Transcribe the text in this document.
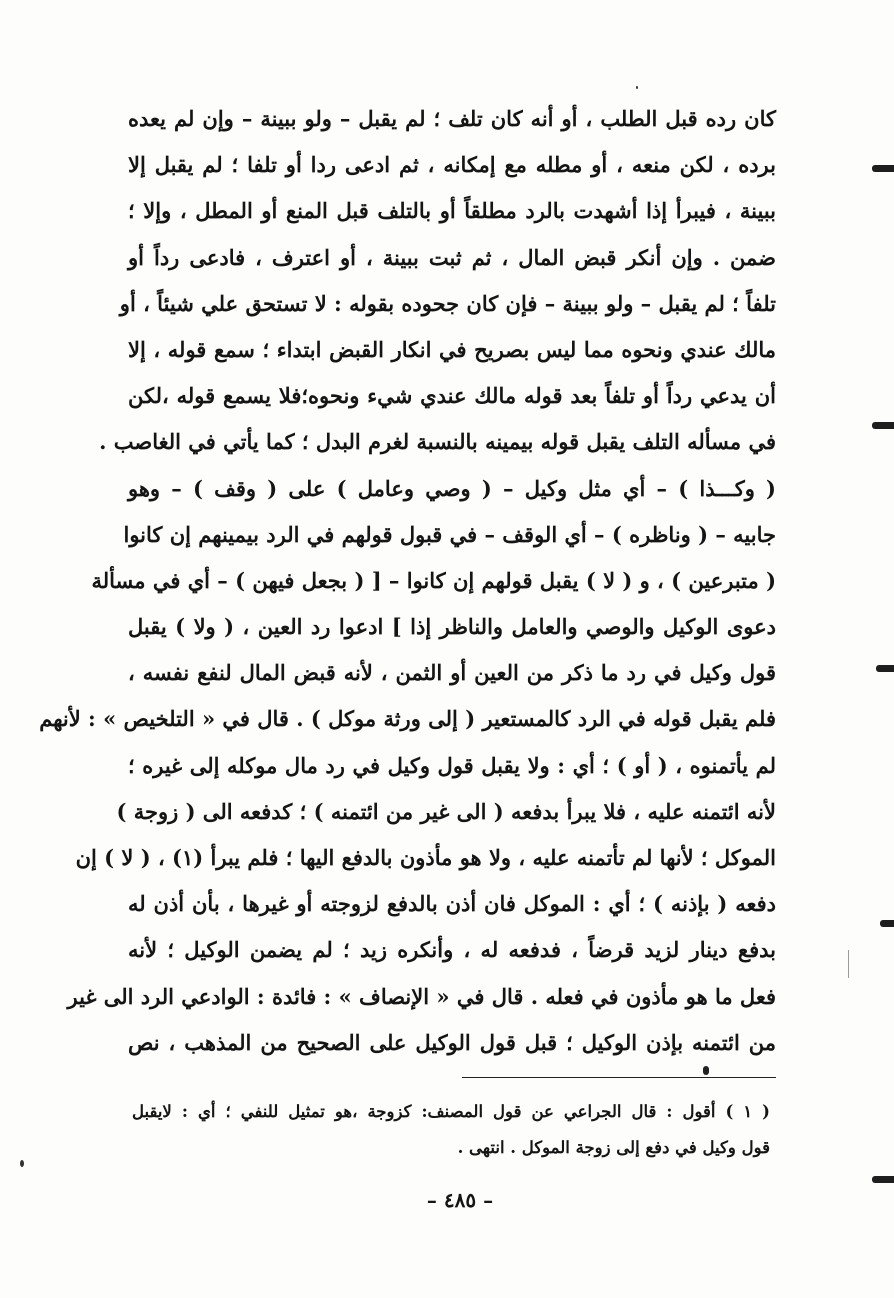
كان رده قبل الطلب ، أو أنه كان تلف ؛ لم يقبل – ولو ببينة – وإن لم يعده
برده ، لكن منعه ، أو مطله مع إمكانه ، ثم ادعى ردا أو تلفا ؛ لم يقبل إلا
ببينة ، فيبرأ إذا أشهدت بالرد مطلقاً أو بالتلف قبل المنع أو المطل ، وإلا ؛
ضمن . وإن أنكر قبض المال ، ثم ثبت ببينة ، أو اعترف ، فادعى رداً أو
تلفاً ؛ لم يقبل – ولو ببينة – فإن كان جحوده بقوله : لا تستحق علي شيئاً ، أو
مالك عندي ونحوه مما ليس بصريح في انكار القبض ابتداء ؛ سمع قوله ، إلا
أن يدعي رداً أو تلفاً بعد قوله مالك عندي شيء ونحوه؛فلا يسمع قوله ،لكن
في مسأله التلف يقبل قوله بيمينه بالنسبة لغرم البدل ؛ كما يأتي في الغاصب .
( وكـــذا ) – أي مثل وكيل – ( وصي وعامل ) على ( وقف ) – وهو
جابيه – ( وناظره ) – أي الوقف – في قبول قولهم في الرد بيمينهم إن كانوا
( متبرعين ) ، و ( لا ) يقبل قولهم إن كانوا – [ ( بجعل فيهن ) – أي في مسألة
دعوى الوكيل والوصي والعامل والناظر إذا ] ادعوا رد العين ، ( ولا ) يقبل
قول وكيل في رد ما ذكر من العين أو الثمن ، لأنه قبض المال لنفع نفسه ،
فلم يقبل قوله في الرد كالمستعير ( إلى ورثة موكل ) . قال في « التلخيص » : لأنهم
لم يأتمنوه ، ( أو ) ؛ أي : ولا يقبل قول وكيل في رد مال موكله إلى غيره ؛
لأنه ائتمنه عليه ، فلا يبرأ بدفعه ( الى غير من ائتمنه ) ؛ كدفعه الى ( زوجة )
الموكل ؛ لأنها لم تأتمنه عليه ، ولا هو مأذون بالدفع اليها ؛ فلم يبرأ (١) ، ( لا ) إن
دفعه ( بإذنه ) ؛ أي : الموكل فان أذن بالدفع لزوجته أو غيرها ، بأن أذن له
بدفع دينار لزيد قرضاً ، فدفعه له ، وأنكره زيد ؛ لم يضمن الوكيل ؛ لأنه
فعل ما هو مأذون في فعله . قال في « الإنصاف » : فائدة : الوادعي الرد الى غير
من ائتمنه بإذن الوكيل ؛ قبل قول الوكيل على الصحيح من المذهب ، نص
( ١ ) أقول : قال الجراعي عن قول المصنف: كزوجة ،هو تمثيل للنفي ؛ أي : لايقبل
قول وكيل في دفع إلى زوجة الموكل . انتهى .
– ٤٨٥ –
